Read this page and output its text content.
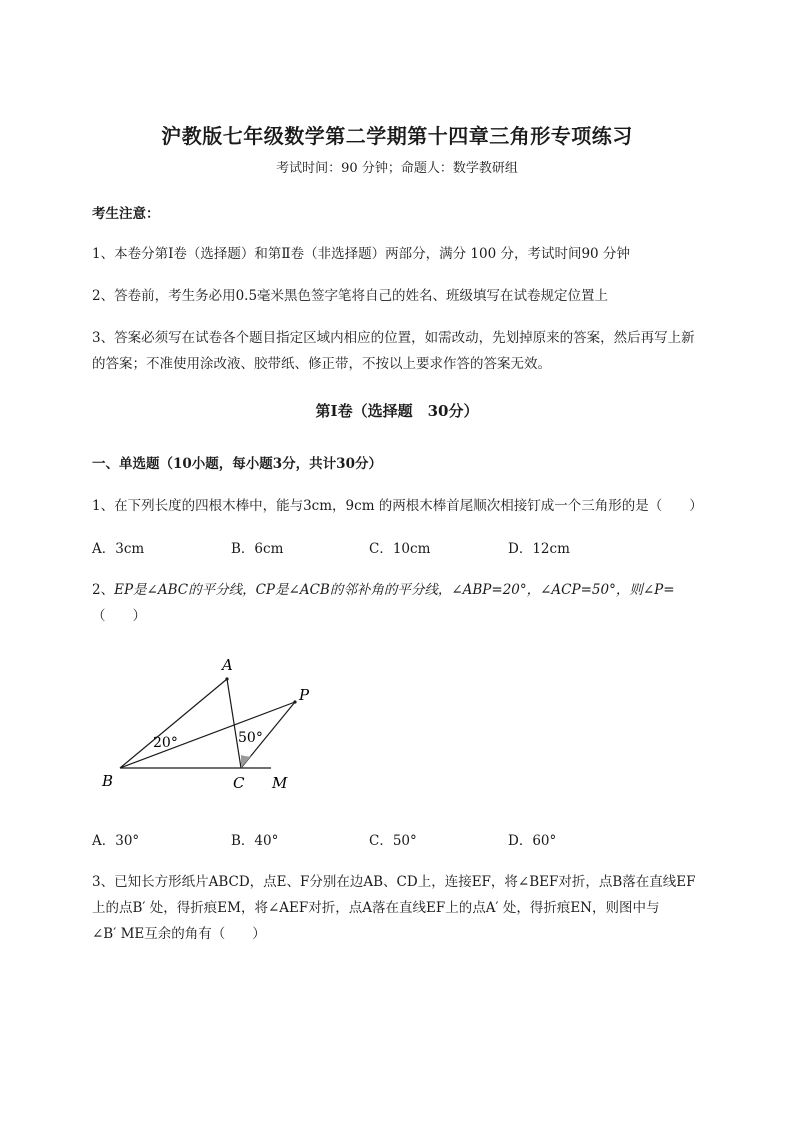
沪教版七年级数学第二学期第十四章三角形专项练习
考试时间：90 分钟；命题人：数学教研组
考生注意：
1、本卷分第Ⅰ卷（选择题）和第Ⅱ卷（非选择题）两部分，满分 100 分，考试时间90 分钟
2、答卷前，考生务必用0.5毫米黑色签字笔将自己的姓名、班级填写在试卷规定位置上
3、答案必须写在试卷各个题目指定区域内相应的位置，如需改动，先划掉原来的答案，然后再写上新
的答案；不准使用涂改液、胶带纸、修正带，不按以上要求作答的答案无效。
第Ⅰ卷（选择题　30分）
一、单选题（10小题，每小题3分，共计30分）
1、在下列长度的四根木棒中，能与3cm，9cm 的两根木棒首尾顺次相接钉成一个三角形的是（　　）
A．3cm	B．6cm	C．10cm	D．12cm
2、EP是∠ABC的平分线，CP是∠ACB的邻补角的平分线，∠ABP=20°，∠ACP=50°，则∠P=
（　　）
A
P
B	C M
20°	50°
A．30°	B．40°	C．50°	D．60°
3、已知长方形纸片ABCD，点E、F分别在边AB、CD上，连接EF，将∠BEF对折，点B落在直线EF
上的点B′ 处，得折痕EM，将∠AEF对折，点A落在直线EF上的点A′ 处，得折痕EN，则图中与
∠B′ ME互余的角有（　　）
